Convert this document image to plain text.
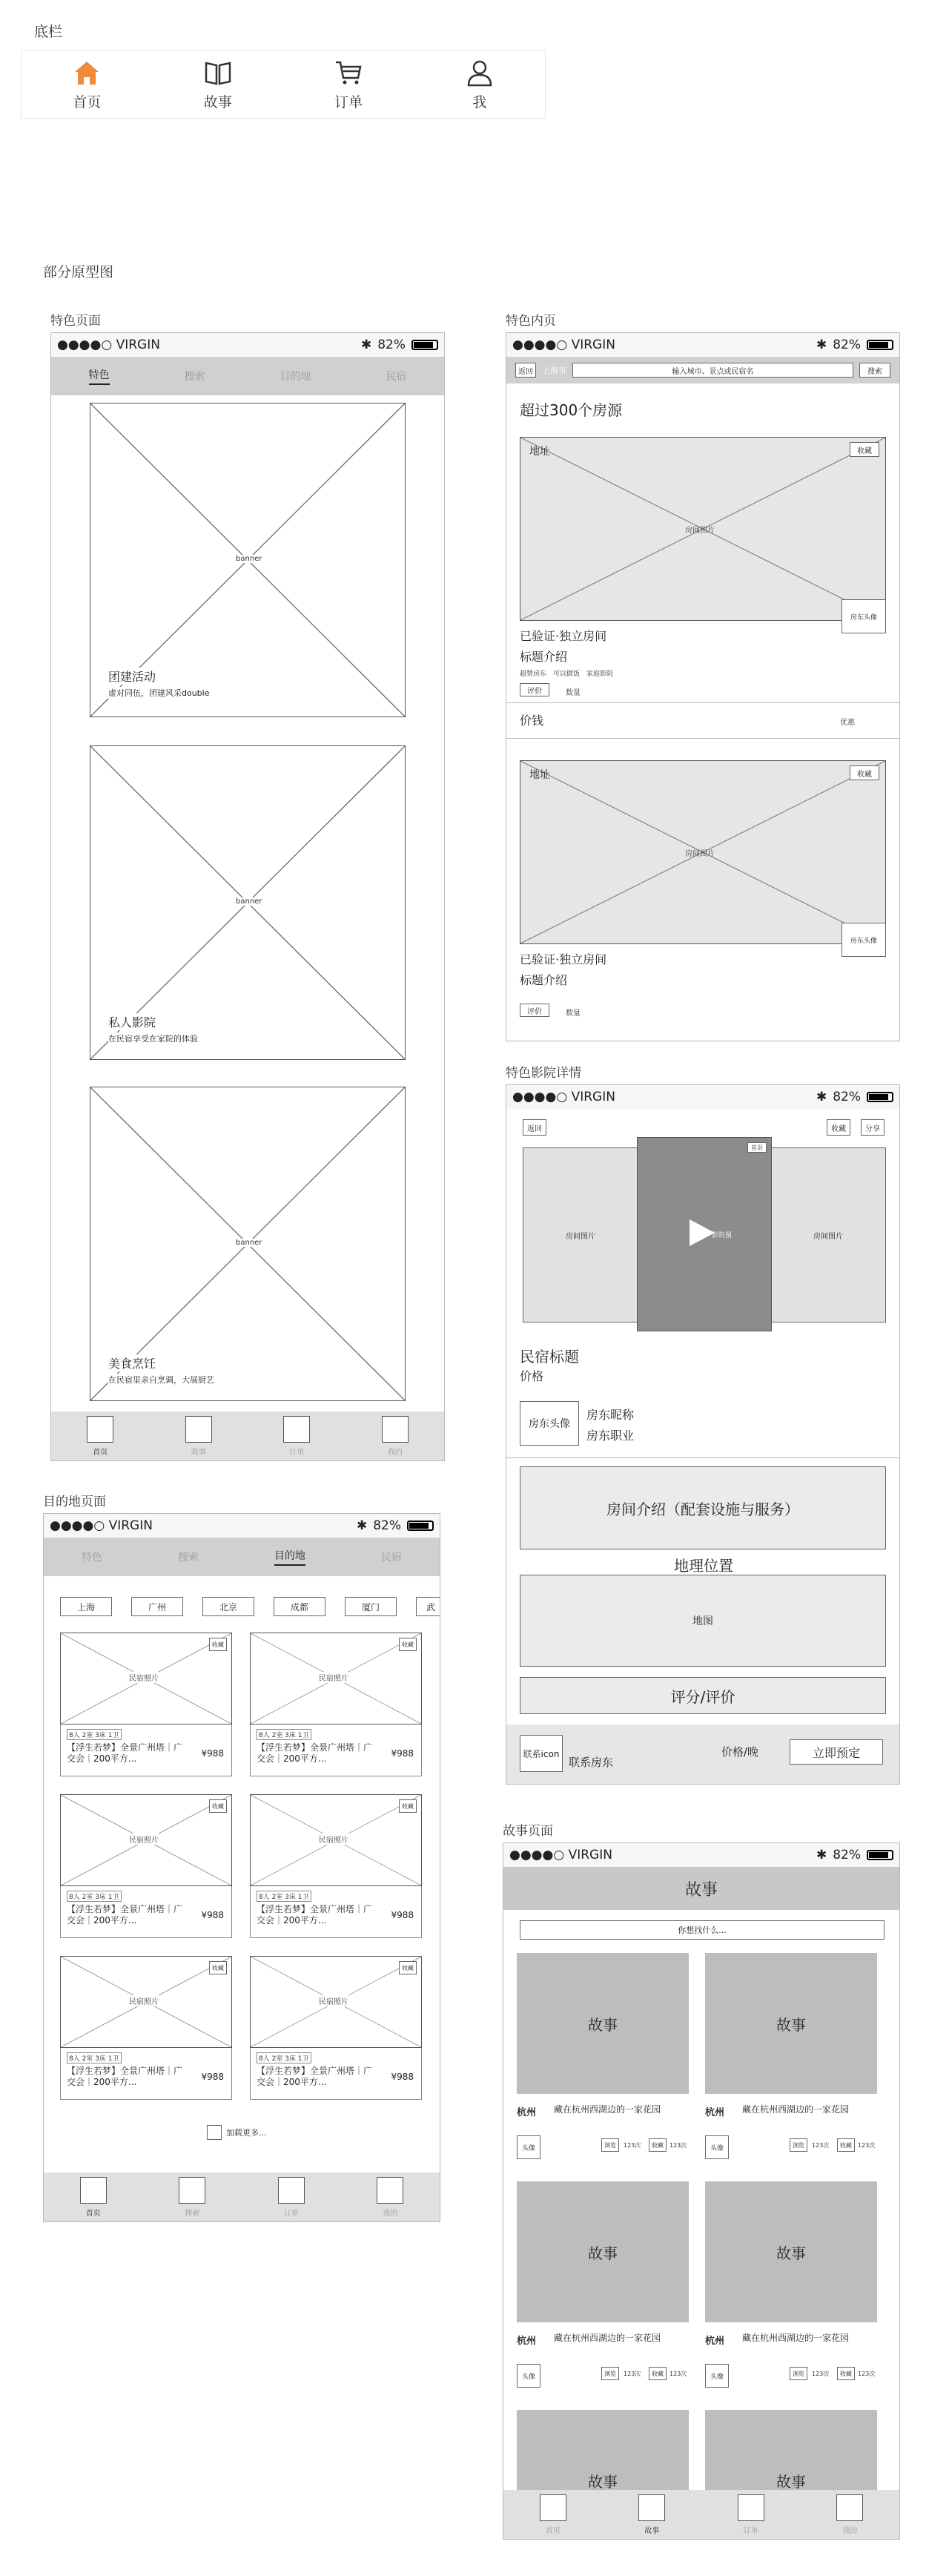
底栏
首页	故事	订单	我
部分原型图
特色页面
●●●●○ VIRGIN	✱ 82%
特色	搜索	目的地	民宿
banner
团建活动
虚对同伍，团建风采double
banner
私人影院
在民宿享受在家院的体验
banner
美食烹饪
在民宿里亲自烹调，大展厨艺
首页	故事	订单	我的
特色内页
●●●●○ VIRGIN	✱ 82%
返回	上海市	输入城市、景点或民宿名	搜索
超过300个房源
地址	收藏
房间图片
房东头像
已验证·独立房间
标题介绍
超赞房东　可以做饭　家庭影院
评价	数量
价钱	优惠
地址	收藏
房间图片
房东头像
已验证·独立房间
标题介绍
评价	数量
特色影院详情
●●●●○ VIRGIN	✱ 82%
返回	收藏	分享
房间图片	房间图片
首页
影院图
民宿标题
价格
房东头像
房东昵称
房东职业
房间介绍（配套设施与服务）
地理位置
地图
评分/评价
联系icon
联系房东
价格/晚	立即预定
目的地页面
●●●●○ VIRGIN	✱ 82%
特色	搜索	目的地	民宿
上海	广州	北京	成都	厦门	武
民宿照片
收藏
8人 2室 3床 1卫
【浮生若梦】全景广州塔｜广交会｜200平方...	¥988
民宿照片
收藏
8人 2室 3床 1卫
【浮生若梦】全景广州塔｜广交会｜200平方...	¥988
民宿照片
收藏
8人 2室 3床 1卫
【浮生若梦】全景广州塔｜广交会｜200平方...	¥988
民宿照片
收藏
8人 2室 3床 1卫
【浮生若梦】全景广州塔｜广交会｜200平方...	¥988
民宿照片
收藏
8人 2室 3床 1卫
【浮生若梦】全景广州塔｜广交会｜200平方...	¥988
民宿照片
收藏
8人 2室 3床 1卫
【浮生若梦】全景广州塔｜广交会｜200平方...	¥988
加载更多...
首页	搜索	订单	我的
故事页面
●●●●○ VIRGIN	✱ 82%
故事
你想找什么...
故事
杭州 藏在杭州西湖边的一家花园
头像	浏览	123次	收藏	123次
故事
杭州 藏在杭州西湖边的一家花园
头像	浏览	123次	收藏	123次
故事
杭州 藏在杭州西湖边的一家花园
头像	浏览	123次	收藏	123次
故事
杭州 藏在杭州西湖边的一家花园
头像	浏览	123次	收藏	123次
故事	故事
首页	故事	订单	我的
